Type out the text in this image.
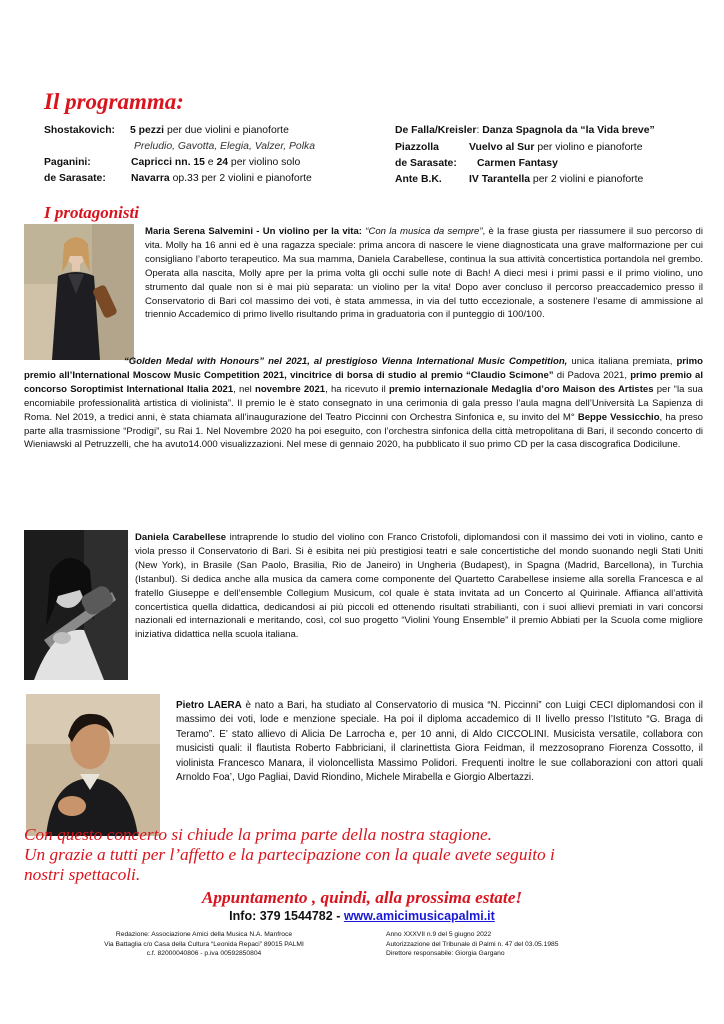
Il programma:
Shostakovich: 5 pezzi per due violini e pianoforte
Preludio, Gavotta, Elegia, Valzer, Polka
Paganini:	Capricci nn. 15 e 24 per violino solo
de Sarasate: Navarra op.33 per 2 violini e pianoforte
De Falla/Kreisler: Danza Spagnola da “la Vida breve”
Piazzolla	Vuelvo al Sur per violino e pianoforte
de Sarasate: Carmen Fantasy
Ante B.K.	IV Tarantella per 2 violini e pianoforte
I protagonisti
Maria Serena Salvemini - Un violino per la vita: “Con la musica da sempre”, è la frase giusta per riassumere il suo percorso di vita. Molly ha 16 anni ed è una ragazza speciale: prima ancora di nascere le viene diagnosticata una grave malformazione per cui consigliano l’aborto terapeutico. Ma sua mamma, Daniela Carabellese, continua la sua attività concertistica portandola nel grembo. Operata alla nascita, Molly apre per la prima volta gli occhi sulle note di Bach! A dieci mesi i primi passi e il primo violino, uno strumento dal quale non si è mai più separata: un violino per la vita! Dopo aver concluso il percorso preaccademico presso il Conservatorio di Bari col massimo dei voti, è stata ammessa, in via del tutto eccezionale, a sostenere l’esame di ammissione al triennio Accademico di primo livello risultando prima in graduatoria con il punteggio di 100/100.
“Golden Medal with Honours” nel 2021, al prestigioso Vienna International Music Competition, unica italiana premiata, primo premio all’International Moscow Music Competition 2021, vincitrice di borsa di studio al premio “Claudio Scimone” di Padova 2021, primo premio al concorso Soroptimist International Italia 2021, nel novembre 2021, ha ricevuto il premio internazionale Medaglia d’oro Maison des Artistes per “la sua encomiabile professionalità artistica di violinista”. Il premio le è stato consegnato in una cerimonia di gala presso l’aula magna dell’Università La Sapienza di Roma. Nel 2019, a tredici anni, è stata chiamata all’inaugurazione del Teatro Piccinni con Orchestra Sinfonica e, su invito del M° Beppe Vessicchio, ha preso parte alla trasmissione “Prodigi”, su Rai 1. Nel Novembre 2020 ha poi eseguito, con l’orchestra sinfonica della città metropolitana di Bari, il secondo concerto di Wieniawski al Petruzzelli, che ha avuto14.000 visualizzazioni. Nel mese di gennaio 2020, ha pubblicato il suo primo CD per la casa discografica Dodicilune.
Daniela Carabellese intraprende lo studio del violino con Franco Cristofoli, diplomandosi con il massimo dei voti in violino, canto e viola presso il Conservatorio di Bari. Si è esibita nei più prestigiosi teatri e sale concertistiche del mondo suonando negli Stati Uniti (New York), in Brasile (San Paolo, Brasilia, Rio de Janeiro) in Ungheria (Budapest), in Spagna (Madrid, Barcellona), in Turchia (Istanbul). Si dedica anche alla musica da camera come componente del Quartetto Carabellese insieme alla sorella Francesca e al fratello Giuseppe e dell’ensemble Collegium Musicum, col quale è stata invitata ad un Concerto al Quirinale. Affianca all’attività concertistica quella didattica, dedicandosi ai più piccoli ed ottenendo risultati strabilianti, con i suoi allievi premiati in vari concorsi nazionali ed internazionali e meritando, così, col suo progetto “Violini Young Ensemble” il premio Abbiati per la Scuola come migliore iniziativa didattica nella scuola italiana.
Pietro LAERA è nato a Bari, ha studiato al Conservatorio di musica “N. Piccinni” con Luigi CECI diplomandosi con il massimo dei voti, lode e menzione speciale. Ha poi il diploma accademico di II livello presso l’Istituto “G. Braga di Teramo”. E’ stato allievo di Alicia De Larrocha e, per 10 anni, di Aldo CICCOLINI. Musicista versatile, collabora con musicisti quali: il flautista Roberto Fabbriciani, il clarinettista Giora Feidman, il mezzosoprano Fiorenza Cossotto, il violinista Francesco Manara, il violoncellista Massimo Polidori. Frequenti inoltre le sue collaborazioni con attori quali Arnoldo Foa’, Ugo Pagliai, David Riondino, Michele Mirabella e Giorgio Albertazzi.
Con questo concerto si chiude la prima parte della nostra stagione.
Un grazie a tutti per l’affetto e la partecipazione con la quale avete seguito i
nostri spettacoli.
Appuntamento , quindi, alla prossima estate!
Info: 379 1544782 - www.amicimusicapalmi.it
Redazione: Associazione Amici della Musica N.A. Manfroce
Via Battaglia c/o Casa della Cultura “Leonida Repaci” 89015 PALMI
c.f. 82000040806 - p.iva 00592850804
Anno XXXVII n.9 del 5 giugno 2022
Autorizzazione del Tribunale di Palmi n. 47 del 03.05.1985
Direttore responsabile: Giorgia Gargano
